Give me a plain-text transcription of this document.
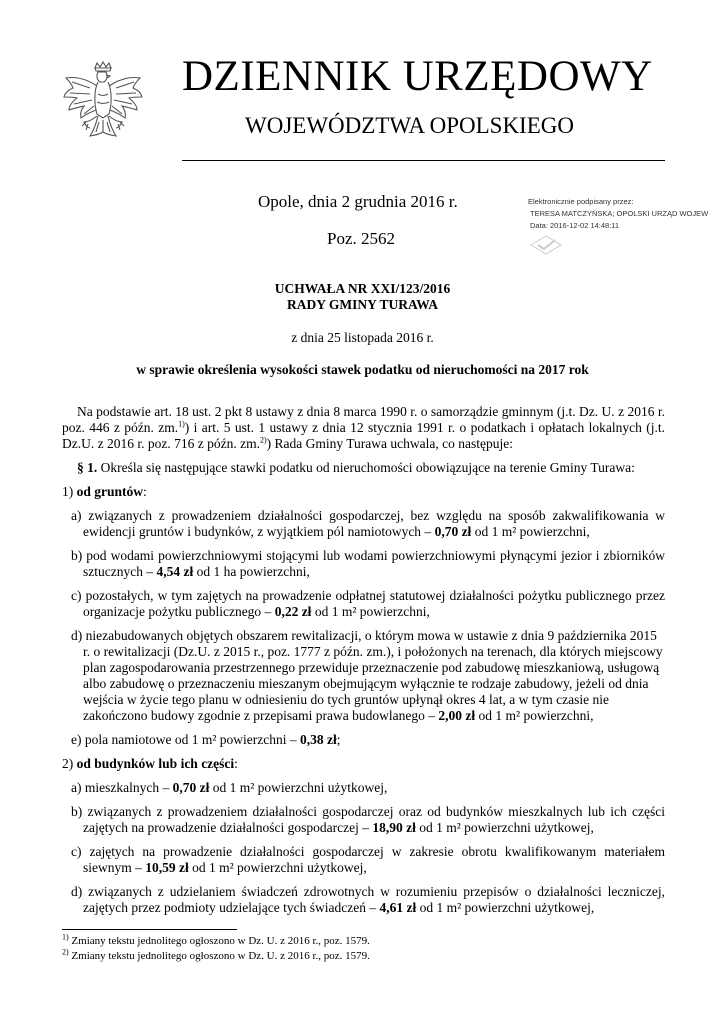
DZIENNIK URZĘDOWY
WOJEWÓDZTWA OPOLSKIEGO
Opole, dnia 2 grudnia 2016 r.
Poz. 2562
Elektronicznie podpisany przez:
TERESA MATCZYŃSKA; OPOLSKI URZĄD WOJEW
Data: 2016-12-02 14:48:11
UCHWAŁA NR XXI/123/2016
RADY GMINY TURAWA
z dnia 25 listopada 2016 r.
w sprawie określenia wysokości stawek podatku od nieruchomości na 2017 rok

Na podstawie art. 18 ust. 2 pkt 8 ustawy z dnia 8 marca 1990 r. o samorządzie gminnym (j.t. Dz. U. z 2016 r. poz. 446 z późn. zm.$^{1)}$) i art. 5 ust. 1 ustawy z dnia 12 stycznia 1991 r. o podatkach i opłatach lokalnych (j.t. Dz.U. z 2016 r. poz. 716 z późn. zm.$^{2)}$) Rada Gminy Turawa uchwala, co następuje:

§ 1. Określa się następujące stawki podatku od nieruchomości obowiązujące na terenie Gminy Turawa:

1) od gruntów:

a) związanych z prowadzeniem działalności gospodarczej, bez względu na sposób zakwalifikowania w ewidencji gruntów i budynków, z wyjątkiem pól namiotowych – 0,70 zł od 1 m² powierzchni,

b) pod wodami powierzchniowymi stojącymi lub wodami powierzchniowymi płynącymi jezior i zbiorników sztucznych – 4,54 zł od 1 ha powierzchni,

c) pozostałych, w tym zajętych na prowadzenie odpłatnej statutowej działalności pożytku publicznego przez organizacje pożytku publicznego – 0,22 zł od 1 m² powierzchni,

d) niezabudowanych objętych obszarem rewitalizacji, o którym mowa w ustawie z dnia 9 października 2015 r. o rewitalizacji (Dz.U. z 2015 r., poz. 1777 z późn. zm.), i położonych na terenach, dla których miejscowy plan zagospodarowania przestrzennego przewiduje przeznaczenie pod zabudowę mieszkaniową, usługową albo zabudowę o przeznaczeniu mieszanym obejmującym wyłącznie te rodzaje zabudowy, jeżeli od dnia wejścia w życie tego planu w odniesieniu do tych gruntów upłynął okres 4 lat, a w tym czasie nie zakończono budowy zgodnie z przepisami prawa budowlanego – 2,00 zł od 1 m² powierzchni,

e) pola namiotowe od 1 m² powierzchni – 0,38 zł;

2) od budynków lub ich części:

a) mieszkalnych – 0,70 zł od 1 m² powierzchni użytkowej,

b) związanych z prowadzeniem działalności gospodarczej oraz od budynków mieszkalnych lub ich części zajętych na prowadzenie działalności gospodarczej – 18,90 zł od 1 m² powierzchni użytkowej,

c) zajętych na prowadzenie działalności gospodarczej w zakresie obrotu kwalifikowanym materiałem siewnym – 10,59 zł od 1 m² powierzchni użytkowej,

d) związanych z udzielaniem świadczeń zdrowotnych w rozumieniu przepisów o działalności leczniczej, zajętych przez podmioty udzielające tych świadczeń – 4,61 zł od 1 m² powierzchni użytkowej,

$^{1)}$ Zmiany tekstu jednolitego ogłoszono w Dz. U. z 2016 r., poz. 1579.
$^{2)}$ Zmiany tekstu jednolitego ogłoszono w Dz. U. z 2016 r., poz. 1579.
